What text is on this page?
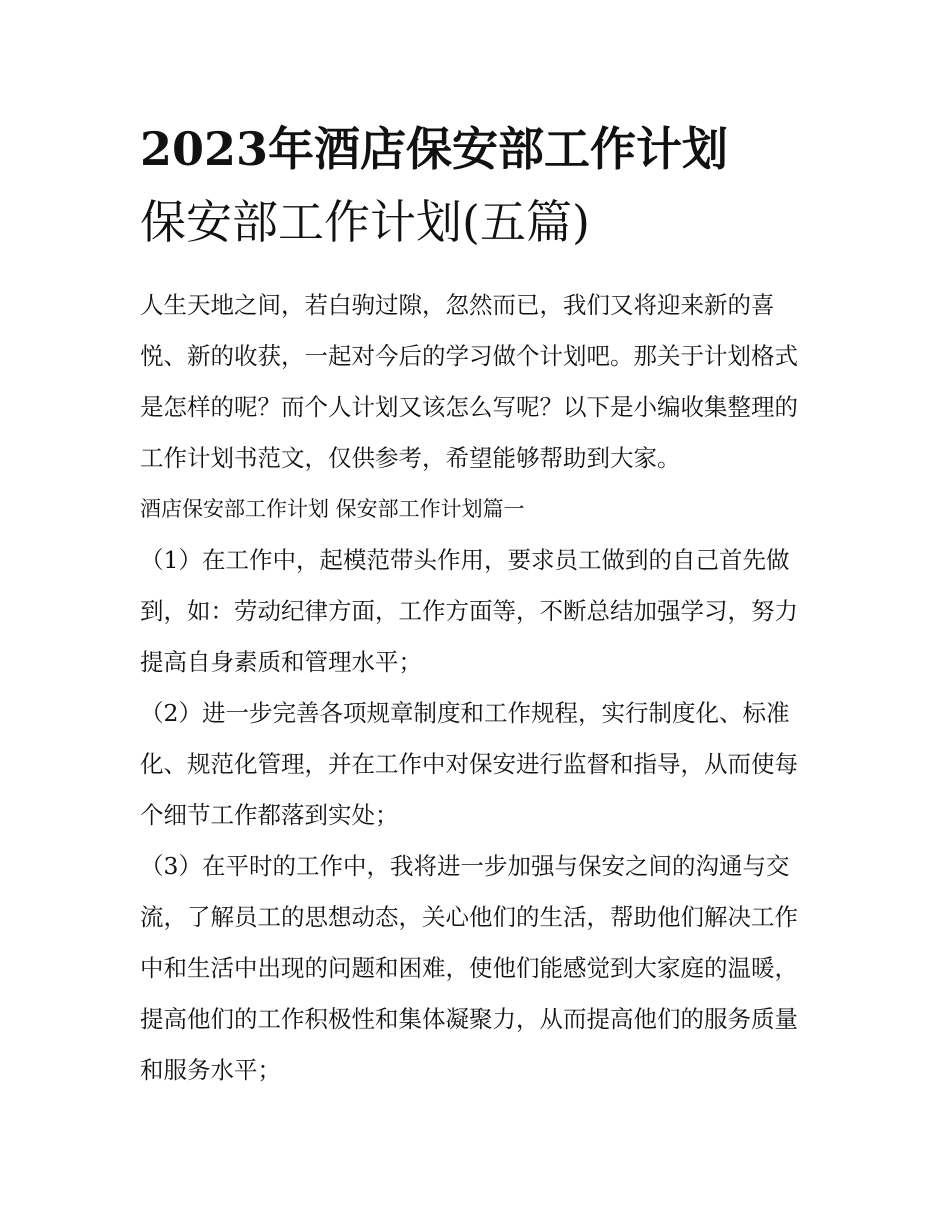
2023年酒店保安部工作计划
保安部工作计划(五篇)

人生天地之间，若白驹过隙，忽然而已，我们又将迎来新的喜悦、新的收获，一起对今后的学习做个计划吧。那关于计划格式是怎样的呢？而个人计划又该怎么写呢？以下是小编收集整理的工作计划书范文，仅供参考，希望能够帮助到大家。

酒店保安部工作计划 保安部工作计划篇一

（1）在工作中，起模范带头作用，要求员工做到的自己首先做到，如：劳动纪律方面，工作方面等，不断总结加强学习，努力提高自身素质和管理水平；

（2）进一步完善各项规章制度和工作规程，实行制度化、标准化、规范化管理，并在工作中对保安进行监督和指导，从而使每个细节工作都落到实处；

（3）在平时的工作中，我将进一步加强与保安之间的沟通与交流，了解员工的思想动态，关心他们的生活，帮助他们解决工作中和生活中出现的问题和困难，使他们能感觉到大家庭的温暖，提高他们的工作积极性和集体凝聚力，从而提高他们的服务质量和服务水平；
